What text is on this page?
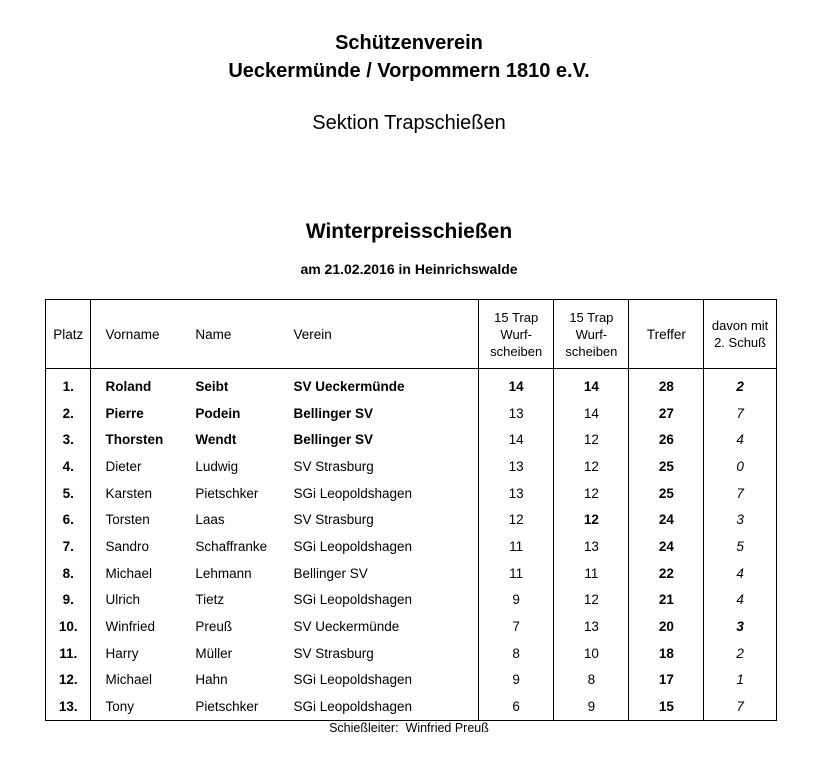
Schützenverein
Ueckermünde / Vorpommern 1810 e.V.
Sektion Trapschießen
Winterpreisschießen
am 21.02.2016 in Heinrichswalde
Platz	Vorname	Name	Verein	15 Trap
Wurf-
scheiben	15 Trap
Wurf-
scheiben	Treffer	davon mit
2. Schuß
1.	Roland	Seibt	SV Ueckermünde	14	14	28	2
2.	Pierre	Podein	Bellinger SV	13	14	27	7
3.	Thorsten	Wendt	Bellinger SV	14	12	26	4
4.	Dieter	Ludwig	SV Strasburg	13	12	25	0
5.	Karsten	Pietschker	SGi Leopoldshagen	13	12	25	7
6.	Torsten	Laas	SV Strasburg	12	12	24	3
7.	Sandro	Schaffranke	SGi Leopoldshagen	11	13	24	5
8.	Michael	Lehmann	Bellinger SV	11	11	22	4
9.	Ulrich	Tietz	SGi Leopoldshagen	9	12	21	4
10.	Winfried	Preuß	SV Ueckermünde	7	13	20	3
11.	Harry	Müller	SV Strasburg	8	10	18	2
12.	Michael	Hahn	SGi Leopoldshagen	9	8	17	1
13.	Tony	Pietschker	SGi Leopoldshagen	6	9	15	7
Schießleiter: Winfried Preuß
